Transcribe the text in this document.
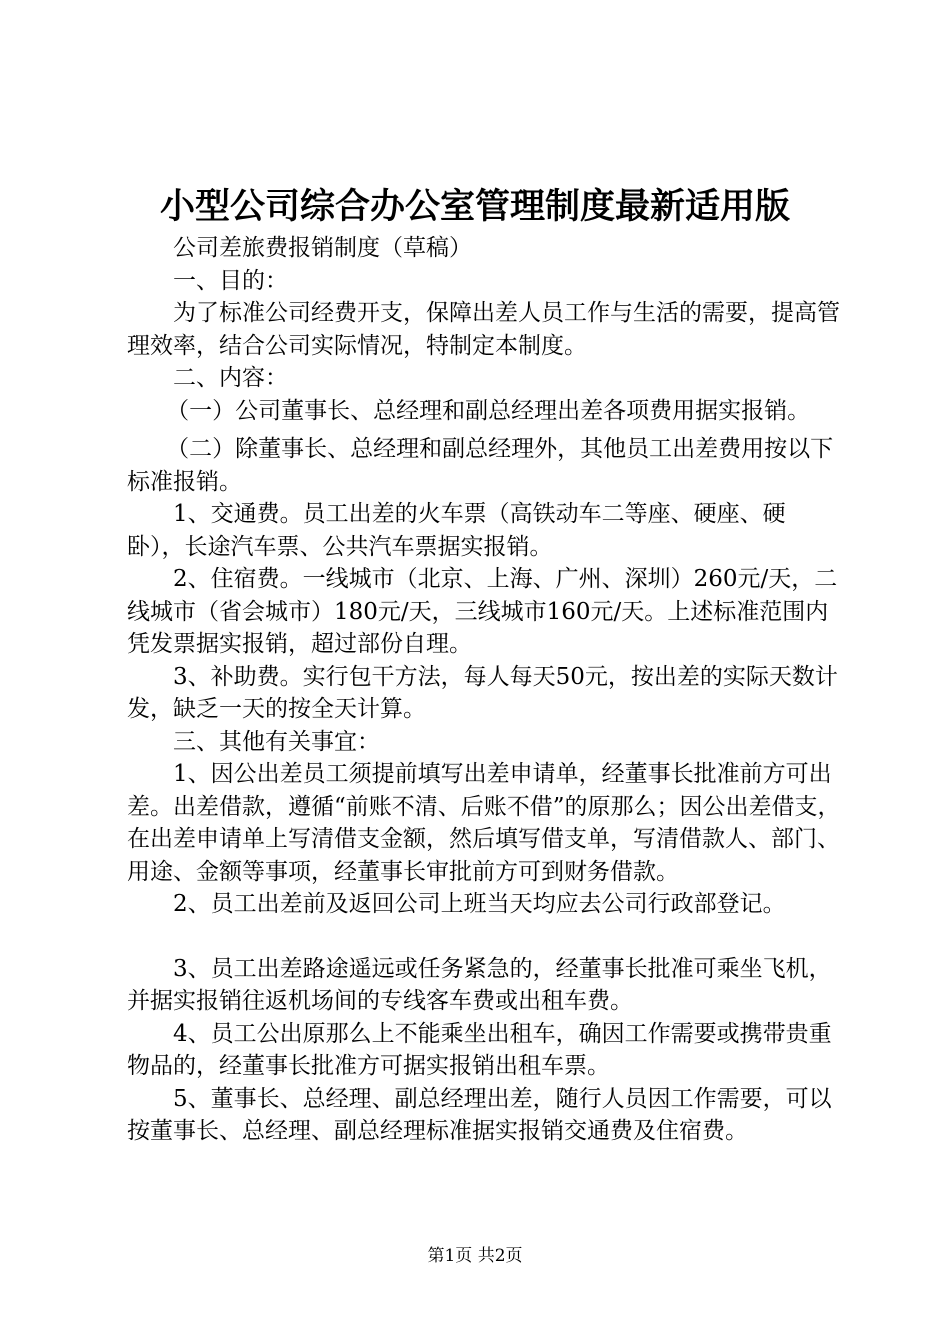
小型公司综合办公室管理制度最新适用版

公司差旅费报销制度（草稿）

一、目的：

为了标准公司经费开支，保障出差人员工作与生活的需要，提高管理效率，结合公司实际情况，特制定本制度。

二、内容：

（一）公司董事长、总经理和副总经理出差各项费用据实报销。

（二）除董事长、总经理和副总经理外，其他员工出差费用按以下标准报销。

1、交通费。员工出差的火车票（高铁动车二等座、硬座、硬卧），长途汽车票、公共汽车票据实报销。

2、住宿费。一线城市（北京、上海、广州、深圳）260元/天，二线城市（省会城市）180元/天，三线城市160元/天。上述标准范围内凭发票据实报销，超过部份自理。

3、补助费。实行包干方法，每人每天50元，按出差的实际天数计发，缺乏一天的按全天计算。

三、其他有关事宜：

1、因公出差员工须提前填写出差申请单，经董事长批准前方可出差。出差借款，遵循“前账不清、后账不借”的原那么；因公出差借支，在出差申请单上写清借支金额，然后填写借支单，写清借款人、部门、用途、金额等事项，经董事长审批前方可到财务借款。

2、员工出差前及返回公司上班当天均应去公司行政部登记。

3、员工出差路途遥远或任务紧急的，经董事长批准可乘坐飞机，并据实报销往返机场间的专线客车费或出租车费。

4、员工公出原那么上不能乘坐出租车，确因工作需要或携带贵重物品的，经董事长批准方可据实报销出租车票。

5、董事长、总经理、副总经理出差，随行人员因工作需要，可以按董事长、总经理、副总经理标准据实报销交通费及住宿费。

第1页 共2页
